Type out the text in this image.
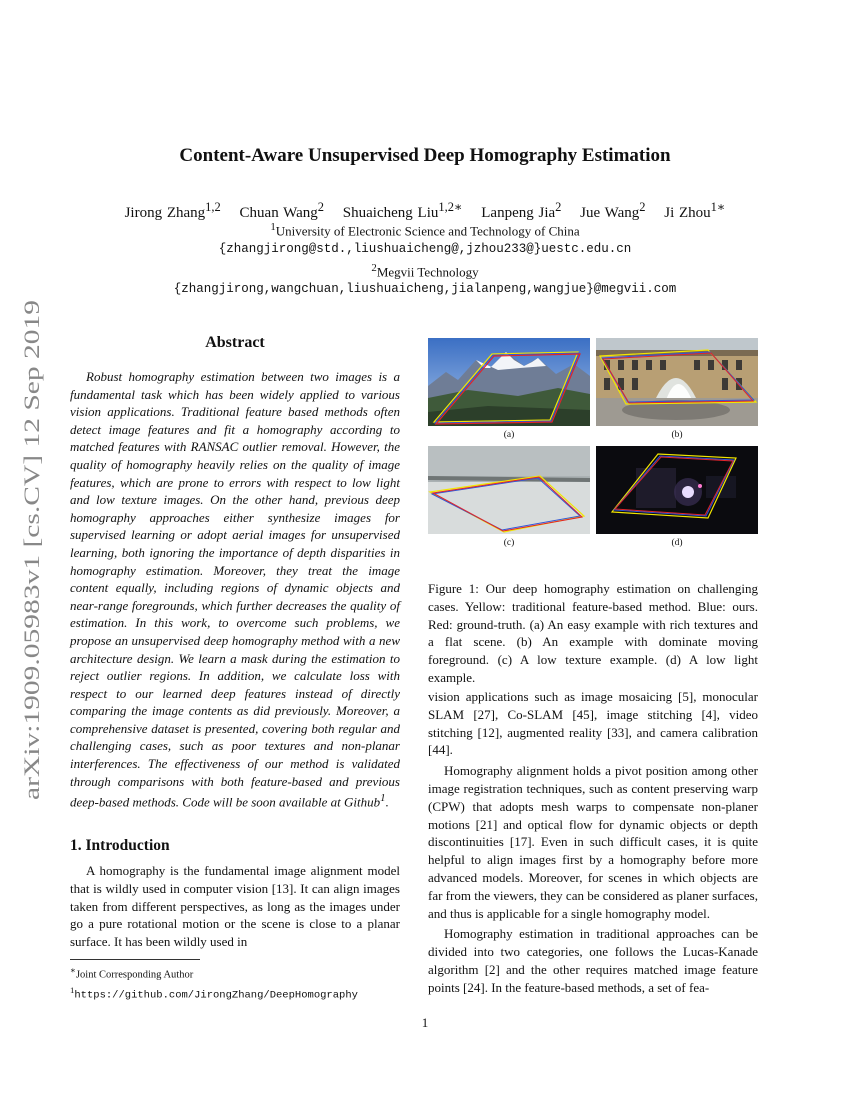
arXiv:1909.05983v1 [cs.CV] 12 Sep 2019
Content-Aware Unsupervised Deep Homography Estimation
Jirong Zhang$^{1,2}$ Chuan Wang$^2$ Shuaicheng Liu$^{1,2∗}$ Lanpeng Jia$^2$ Jue Wang$^2$ Ji Zhou$^{1∗}$
$^1$University of Electronic Science and Technology of China
{zhangjirong@std.,liushuaicheng@,jzhou233@}uestc.edu.cn
$^2$Megvii Technology
{zhangjirong,wangchuan,liushuaicheng,jialanpeng,wangjue}@megvii.com
Abstract
Robust homography estimation between two images is a fundamental task which has been widely applied to various vision applications. Traditional feature based methods often detect image features and fit a homography according to matched features with RANSAC outlier removal. However, the quality of homography heavily relies on the quality of image features, which are prone to errors with respect to low light and low texture images. On the other hand, previous deep homography approaches either synthesize images for supervised learning or adopt aerial images for unsupervised learning, both ignoring the importance of depth disparities in homography estimation. Moreover, they treat the image content equally, including regions of dynamic objects and near-range foregrounds, which further decreases the quality of estimation. In this work, to overcome such problems, we propose an unsupervised deep homography method with a new architecture design. We learn a mask during the estimation to reject outlier regions. In addition, we calculate loss with respect to our learned deep features instead of directly comparing the image contents as did previously. Moreover, a comprehensive dataset is presented, covering both regular and challenging cases, such as poor textures and non-planar interferences. The effectiveness of our method is validated through comparisons with both feature-based and previous deep-based methods. Code will be soon available at Github$^1$.
1. Introduction
A homography is the fundamental image alignment model that is wildly used in computer vision [13]. It can align images taken from different perspectives, as long as the images under go a pure rotational motion or the scene is close to a planar surface. It has been wildly used in
∗Joint Corresponding Author
$^1$https://github.com/JirongZhang/DeepHomography
(a)	(b)
(c)	(d)
Figure 1: Our deep homography estimation on challenging cases. Yellow: traditional feature-based method. Blue: ours. Red: ground-truth. (a) An easy example with rich textures and a flat scene. (b) An example with dominate moving foreground. (c) A low texture example. (d) A low light example.

vision applications such as image mosaicing [5], monocular SLAM [27], Co-SLAM [45], image stitching [4], video stitching [12], augmented reality [33], and camera calibration [44].

Homography alignment holds a pivot position among other image registration techniques, such as content preserving warp (CPW) that adopts mesh warps to compensate non-planer motions [21] and optical flow for dynamic objects or depth discontinuities [17]. Even in such difficult cases, it is quite helpful to align images first by a homography before more advanced models. Moreover, for scenes in which objects are far from the viewers, they can be considered as planer surfaces, and thus is applicable for a single homography model.

Homography estimation in traditional approaches can be divided into two categories, one follows the Lucas-Kanade algorithm [2] and the other requires matched image feature points [24]. In the feature-based methods, a set of fea-

1
